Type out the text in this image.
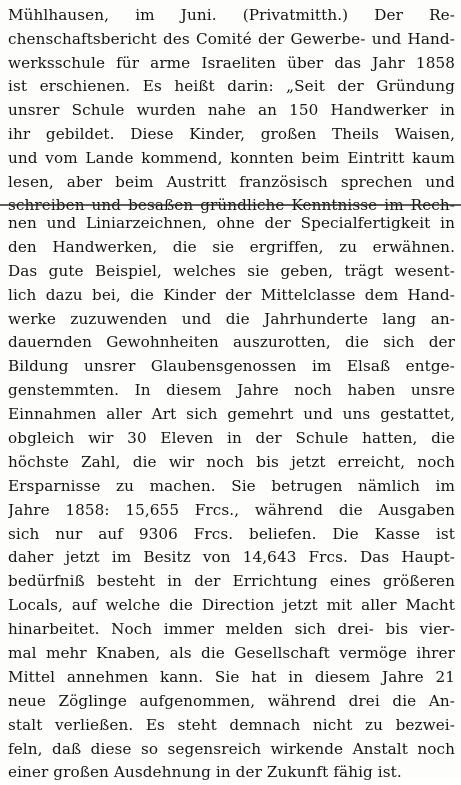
Mühlhausen, im Juni. (Privatmitth.) Der Re-
chenschaftsbericht des Comité der Gewerbe- und Hand-
werksschule für arme Israeliten über das Jahr 1858
ist erschienen. Es heißt darin: „Seit der Gründung
unsrer Schule wurden nahe an 150 Handwerker in
ihr gebildet. Diese Kinder, großen Theils Waisen,
und vom Lande kommend, konnten beim Eintritt kaum
lesen, aber beim Austritt französisch sprechen und
nen und Liniarzeichnen, ohne der Specialfertigkeit in
den Handwerken, die sie ergriffen, zu erwähnen.
Das gute Beispiel, welches sie geben, trägt wesent-
lich dazu bei, die Kinder der Mittelclasse dem Hand-
werke zuzuwenden und die Jahrhunderte lang an-
dauernden Gewohnheiten auszurotten, die sich der
Bildung unsrer Glaubensgenossen im Elsaß entge-
genstemmten. In diesem Jahre noch haben unsre
Einnahmen aller Art sich gemehrt und uns gestattet,
obgleich wir 30 Eleven in der Schule hatten, die
höchste Zahl, die wir noch bis jetzt erreicht, noch
Ersparnisse zu machen. Sie betrugen nämlich im
Jahre 1858: 15,655 Frcs., während die Ausgaben
sich nur auf 9306 Frcs. beliefen. Die Kasse ist
daher jetzt im Besitz von 14,643 Frcs. Das Haupt-
bedürfniß besteht in der Errichtung eines größeren
Locals, auf welche die Direction jetzt mit aller Macht
hinarbeitet. Noch immer melden sich drei- bis vier-
mal mehr Knaben, als die Gesellschaft vermöge ihrer
Mittel annehmen kann. Sie hat in diesem Jahre 21
neue Zöglinge aufgenommen, während drei die An-
stalt verließen. Es steht demnach nicht zu bezwei-
feln, daß diese so segensreich wirkende Anstalt noch
einer großen Ausdehnung in der Zukunft fähig ist.
